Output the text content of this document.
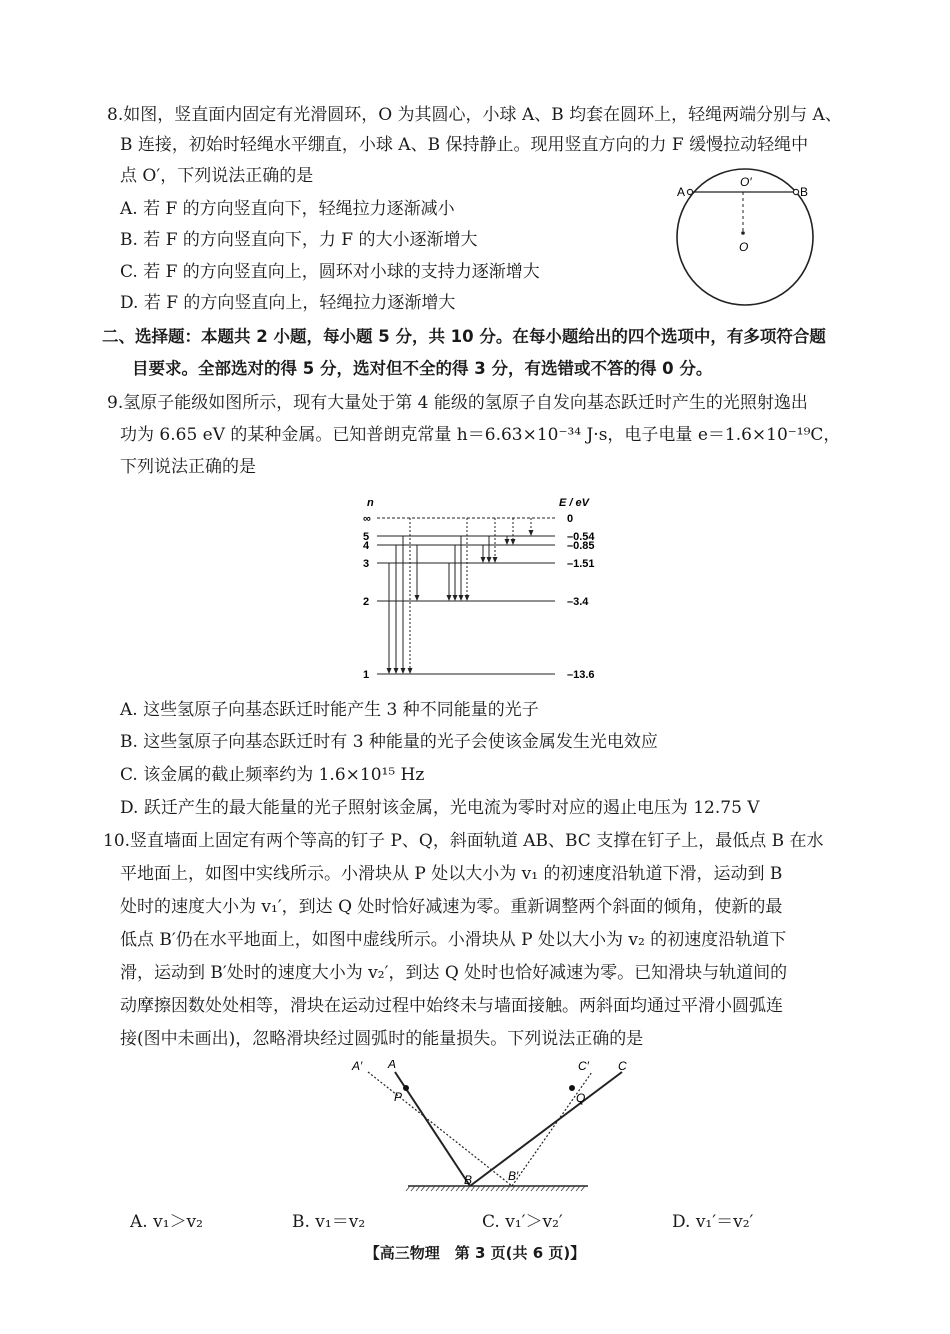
8.如图，竖直面内固定有光滑圆环，O 为其圆心，小球 A、B 均套在圆环上，轻绳两端分别与 A、
B 连接，初始时轻绳水平绷直，小球 A、B 保持静止。现用竖直方向的力 F 缓慢拉动轻绳中
点 O′，下列说法正确的是
A. 若 F 的方向竖直向下，轻绳拉力逐渐减小
B. 若 F 的方向竖直向下，力 F 的大小逐渐增大
C. 若 F 的方向竖直向上，圆环对小球的支持力逐渐增大
D. 若 F 的方向竖直向上，轻绳拉力逐渐增大
A	B
O′
O
二、选择题：本题共 2 小题，每小题 5 分，共 10 分。在每小题给出的四个选项中，有多项符合题
目要求。全部选对的得 5 分，选对但不全的得 3 分，有选错或不答的得 0 分。
9.氢原子能级如图所示，现有大量处于第 4 能级的氢原子自发向基态跃迁时产生的光照射逸出
功为 6.65 eV 的某种金属。已知普朗克常量 h＝6.63×10⁻³⁴ J·s，电子电量 e＝1.6×10⁻¹⁹C，
下列说法正确的是
n	E / eV
∞	0
5	–0.54
4	–0.85
3	–1.51
2	–3.4
1	–13.6
A. 这些氢原子向基态跃迁时能产生 3 种不同能量的光子
B. 这些氢原子向基态跃迁时有 3 种能量的光子会使该金属发生光电效应
C. 该金属的截止频率约为 1.6×10¹⁵ Hz
D. 跃迁产生的最大能量的光子照射该金属，光电流为零时对应的遏止电压为 12.75 V
10.竖直墙面上固定有两个等高的钉子 P、Q，斜面轨道 AB、BC 支撑在钉子上，最低点 B 在水
平地面上，如图中实线所示。小滑块从 P 处以大小为 v₁ 的初速度沿轨道下滑，运动到 B
处时的速度大小为 v₁′，到达 Q 处时恰好减速为零。重新调整两个斜面的倾角，使新的最
低点 B′仍在水平地面上，如图中虚线所示。小滑块从 P 处以大小为 v₂ 的初速度沿轨道下
滑，运动到 B′处时的速度大小为 v₂′，到达 Q 处时也恰好减速为零。已知滑块与轨道间的
动摩擦因数处处相等，滑块在运动过程中始终未与墙面接触。两斜面均通过平滑小圆弧连
接(图中未画出)，忽略滑块经过圆弧时的能量损失。下列说法正确的是
A′ A
P
B	B′
Q
C′ C
A. v₁＞v₂	B. v₁＝v₂	C. v₁′＞v₂′	D. v₁′＝v₂′
【高三物理　第 3 页(共 6 页)】
